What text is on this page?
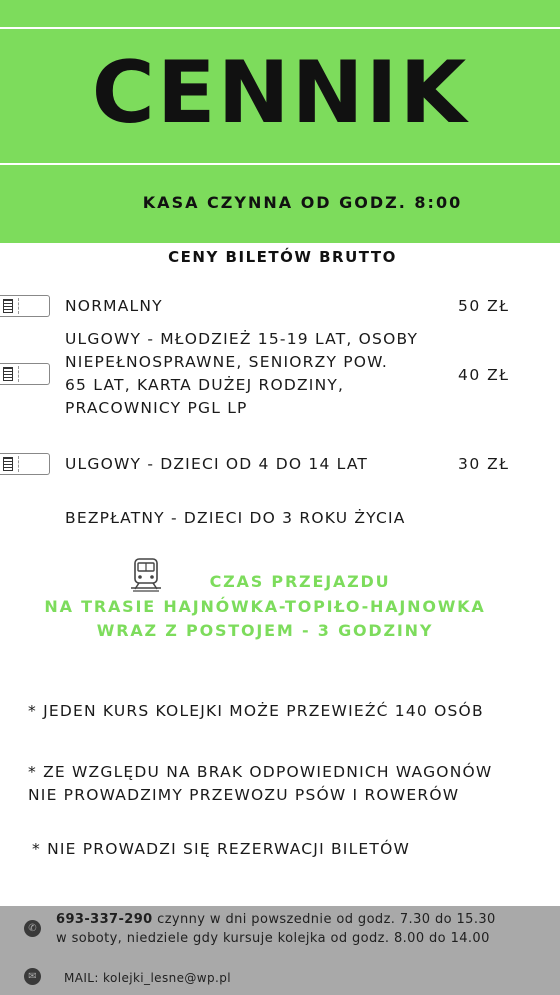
CENNIK
KASA CZYNNA OD GODZ. 8:00
CENY BILETÓW BRUTTO
NORMALNY	50 ZŁ
ULGOWY - MŁODZIEŻ 15-19 LAT, OSOBY
NIEPEŁNOSPRAWNE, SENIORZY POW.
65 LAT, KARTA DUŻEJ RODZINY,
PRACOWNICY PGL LP
40 ZŁ
ULGOWY - DZIECI OD 4 DO 14 LAT	30 ZŁ
BEZPŁATNY - DZIECI DO 3 ROKU ŻYCIA
CZAS PRZEJAZDU
NA TRASIE HAJNÓWKA-TOPIŁO-HAJNOWKA
WRAZ Z POSTOJEM - 3 GODZINY
* JEDEN KURS KOLEJKI MOŻE PRZEWIEŹĆ 140 OSÓB
* ZE WZGLĘDU NA BRAK ODPOWIEDNICH WAGONÓW
NIE PROWADZIMY PRZEWOZU PSÓW I ROWERÓW
* NIE PROWADZI SIĘ REZERWACJI BILETÓW
✆
693-337-290 czynny w dni powszednie od godz. 7.30 do 15.30
w soboty, niedziele gdy kursuje kolejka od godz. 8.00 do 14.00
✉	MAIL: kolejki_lesne@wp.pl
